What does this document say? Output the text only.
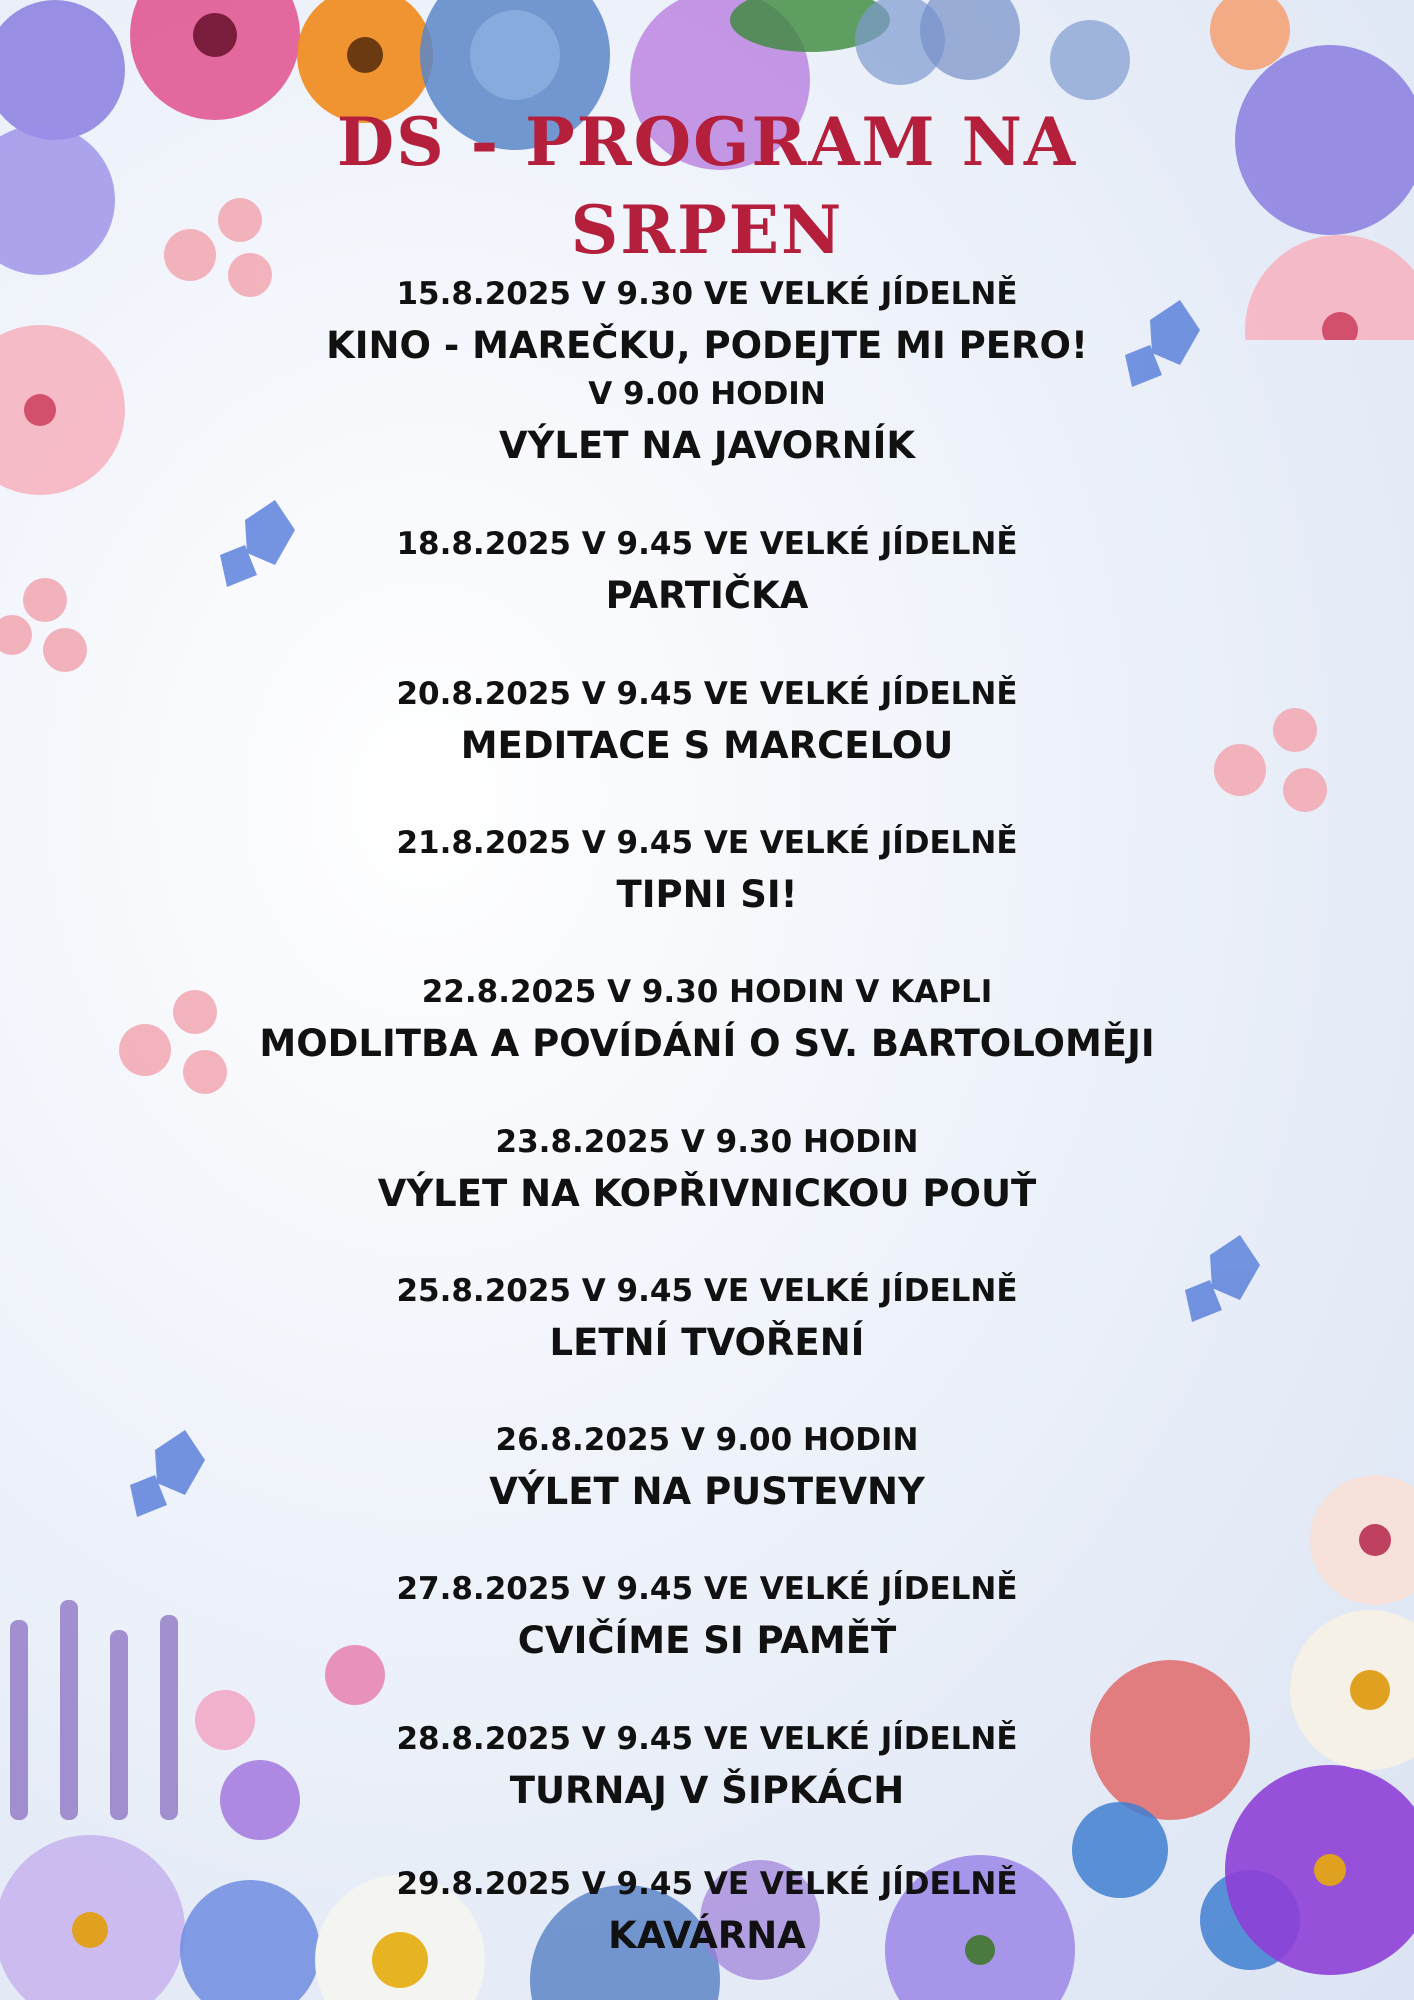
DS - PROGRAM NA
SRPEN
15.8.2025 V 9.30 VE VELKÉ JÍDELNĚ
KINO - MAREČKU, PODEJTE MI PERO!
V 9.00 HODIN
VÝLET NA JAVORNÍK
18.8.2025 V 9.45 VE VELKÉ JÍDELNĚ
PARTIČKA
20.8.2025 V 9.45 VE VELKÉ JÍDELNĚ
MEDITACE S MARCELOU
21.8.2025 V 9.45 VE VELKÉ JÍDELNĚ
TIPNI SI!
22.8.2025 V 9.30 HODIN V KAPLI
MODLITBA A POVÍDÁNÍ O SV. BARTOLOMĚJI
23.8.2025 V 9.30 HODIN
VÝLET NA KOPŘIVNICKOU POUŤ
25.8.2025 V 9.45 VE VELKÉ JÍDELNĚ
LETNÍ TVOŘENÍ
26.8.2025 V 9.00 HODIN
VÝLET NA PUSTEVNY
27.8.2025 V 9.45 VE VELKÉ JÍDELNĚ
CVIČÍME SI PAMĚŤ
28.8.2025 V 9.45 VE VELKÉ JÍDELNĚ
TURNAJ V ŠIPKÁCH
29.8.2025 V 9.45 VE VELKÉ JÍDELNĚ
KAVÁRNA
